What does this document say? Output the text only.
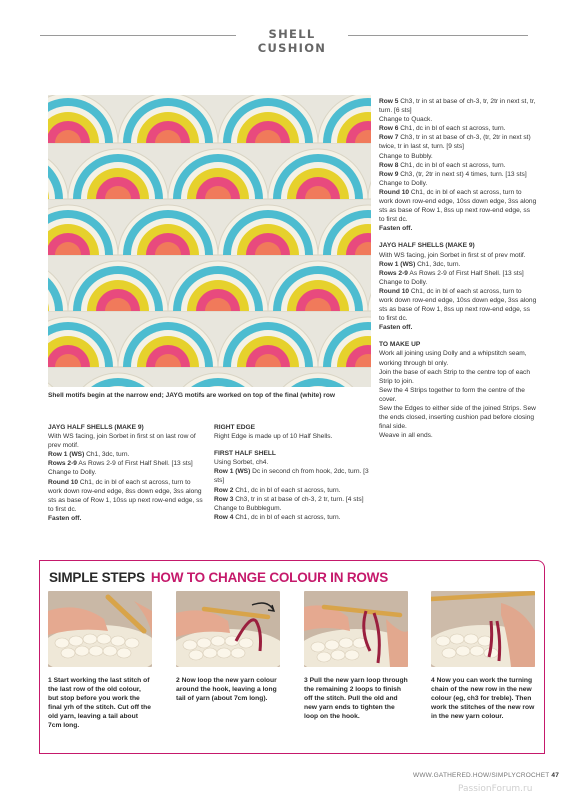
SHELL CUSHION
Shell motifs begin at the narrow end; JAYG motifs are worked on top of the final (white) row

JAYG HALF SHELLS (MAKE 9)

With WS facing, join Sorbet in first st on last row of prev motif.

Row 1 (WS) Ch1, 3dc, turn.

Rows 2-9 As Rows 2-9 of First Half Shell. [13 sts]

Change to Dolly.

Round 10 Ch1, dc in bl of each st across, turn to work down row-end edge, 8ss down edge, 3ss along sts as base of Row 1, 10ss up next row-end edge, ss to first dc.

Fasten off.

RIGHT EDGE

Right Edge is made up of 10 Half Shells.

FIRST HALF SHELL

Using Sorbet, ch4.

Row 1 (WS) Dc in second ch from hook, 2dc, turn. [3 sts]

Row 2 Ch1, dc in bl of each st across, turn.

Row 3 Ch3, tr in st at base of ch-3, 2 tr, turn. [4 sts]

Change to Bubblegum.

Row 4 Ch1, dc in bl of each st across, turn.

Row 5 Ch3, tr in st at base of ch-3, tr, 2tr in next st, tr, turn. [6 sts]

Change to Quack.

Row 6 Ch1, dc in bl of each st across, turn.

Row 7 Ch3, tr in st at base of ch-3, (tr, 2tr in next st) twice, tr in last st, turn. [9 sts]

Change to Bubbly.

Row 8 Ch1, dc in bl of each st across, turn.

Row 9 Ch3, (tr, 2tr in next st) 4 times, turn. [13 sts]

Change to Dolly.

Round 10 Ch1, dc in bl of each st across, turn to work down row-end edge, 10ss down edge, 3ss along sts as base of Row 1, 8ss up next row-end edge, ss to first dc.

Fasten off.

JAYG HALF SHELLS (MAKE 9)

With WS facing, join Sorbet in first st of prev motif.

Row 1 (WS) Ch1, 3dc, turn.

Rows 2-9 As Rows 2-9 of First Half Shell. [13 sts]

Change to Dolly.

Round 10 Ch1, dc in bl of each st across, turn to work down row-end edge, 10ss down edge, 3ss along sts as base of Row 1, 8ss up next row-end edge, ss to first dc.

Fasten off.

TO MAKE UP

Work all joining using Dolly and a whipstitch seam, working through bl only.

Join the base of each Strip to the centre top of each Strip to join.

Sew the 4 Strips together to form the centre of the cover.

Sew the Edges to either side of the joined Strips. Sew the ends closed, inserting cushion pad before closing final side.

Weave in all ends.

SIMPLE STEPS HOW TO CHANGE COLOUR IN ROWS
1 Start working the last stitch of the last row of the old colour, but stop before you work the final yrh of the stitch. Cut off the old yarn, leaving a tail about 7cm long.
2 Now loop the new yarn colour around the hook, leaving a long tail of yarn (about 7cm long).
3 Pull the new yarn loop through the remaining 2 loops to finish off the stitch. Pull the old and new yarn ends to tighten the loop on the hook.
4 Now you can work the turning chain of the new row in the new colour (eg, ch3 for treble). Then work the stitches of the new row in the new yarn colour.
WWW.GATHERED.HOW/SIMPLYCROCHET 47
PassionForum.ru
